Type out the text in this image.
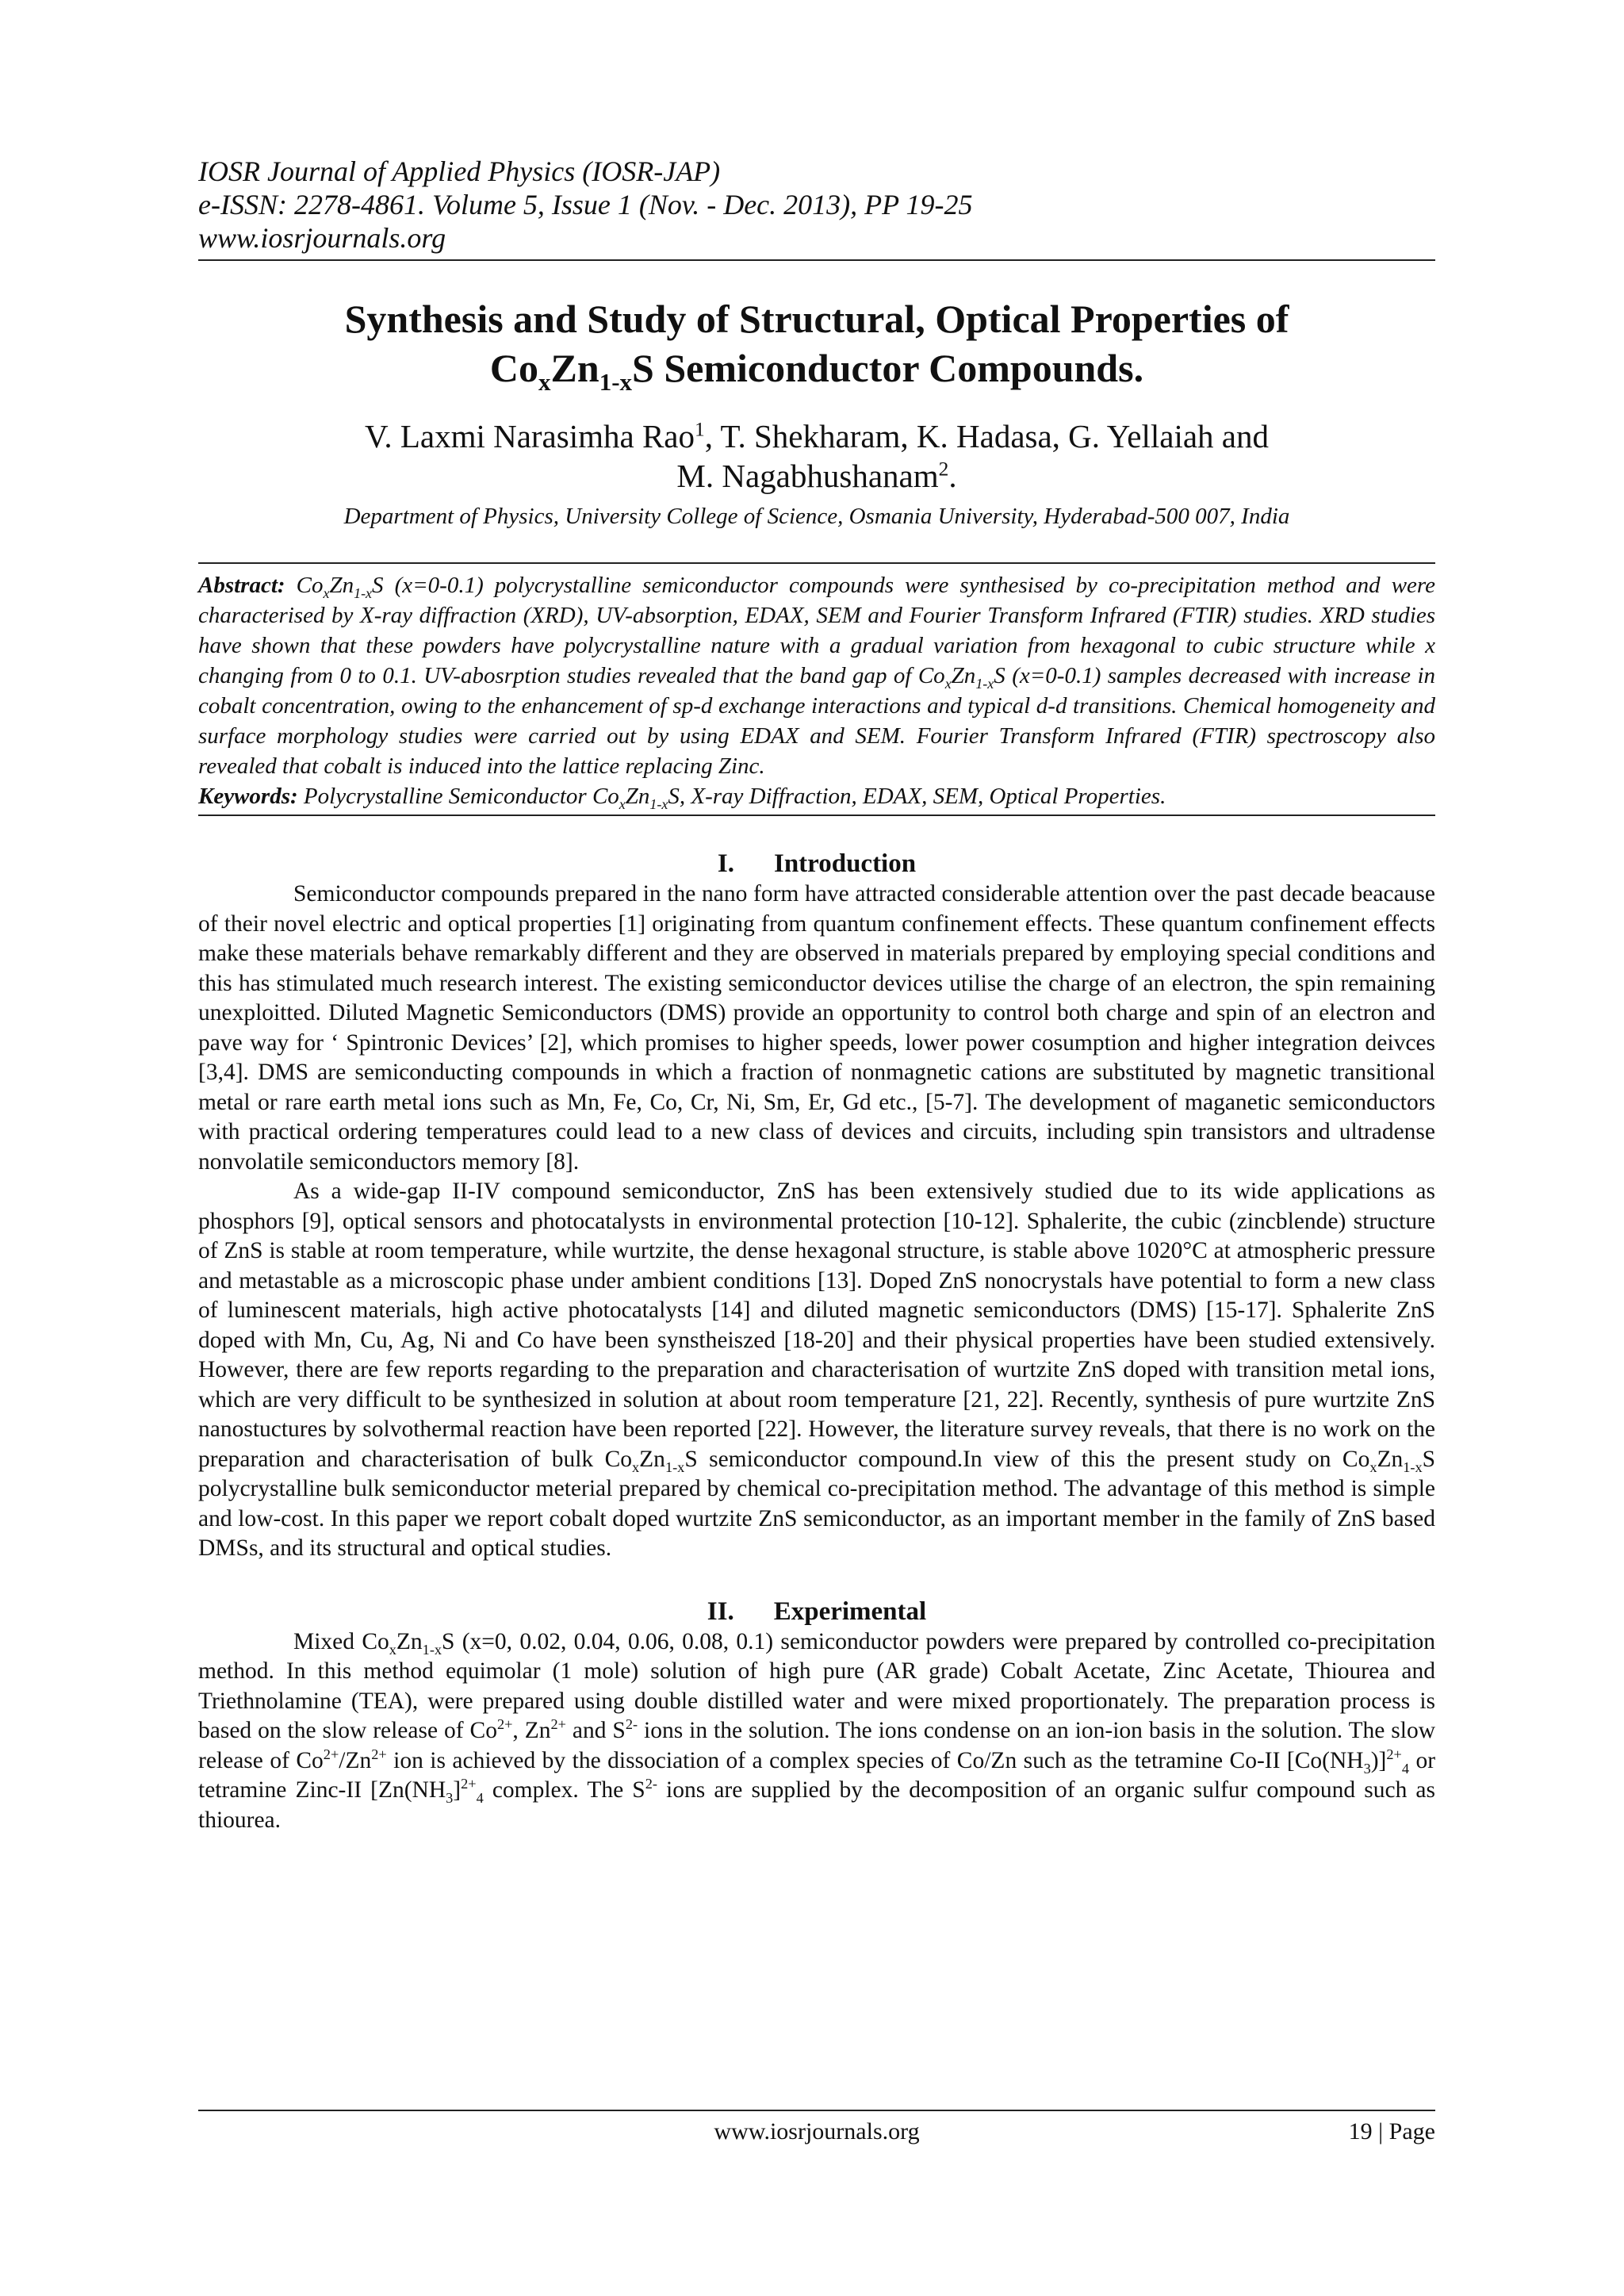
IOSR Journal of Applied Physics (IOSR-JAP)
e-ISSN: 2278-4861. Volume 5, Issue 1 (Nov. - Dec. 2013), PP 19-25
www.iosrjournals.org
Synthesis and Study of Structural, Optical Properties of
$Co_xZn_{1-x}S$ Semiconductor Compounds.
V. Laxmi Narasimha Rao$^1$, T. Shekharam, K. Hadasa, G. Yellaiah and
M. Nagabhushanam$^2$.
Department of Physics, University College of Science, Osmania University, Hyderabad-500 007, India
Abstract: $Co_xZn_{1-x}S$ (x=0-0.1) polycrystalline semiconductor compounds were synthesised by co-precipitation method and were characterised by X-ray diffraction (XRD), UV-absorption, EDAX, SEM and Fourier Transform Infrared (FTIR) studies. XRD studies have shown that these powders have polycrystalline nature with a gradual variation from hexagonal to cubic structure while x changing from 0 to 0.1. UV-abosrption studies revealed that the band gap of $Co_xZn_{1-x}S$ (x=0-0.1) samples decreased with increase in cobalt concentration, owing to the enhancement of sp-d exchange interactions and typical d-d transitions. Chemical homogeneity and surface morphology studies were carried out by using EDAX and SEM. Fourier Transform Infrared (FTIR) spectroscopy also revealed that cobalt is induced into the lattice replacing Zinc.
Keywords: Polycrystalline Semiconductor $Co_xZn_{1-x}S$, X-ray Diffraction, EDAX, SEM, Optical Properties.
I. Introduction

Semiconductor compounds prepared in the nano form have attracted considerable attention over the past decade beacause of their novel electric and optical properties [1] originating from quantum confinement effects. These quantum confinement effects make these materials behave remarkably different and they are observed in materials prepared by employing special conditions and this has stimulated much research interest. The existing semiconductor devices utilise the charge of an electron, the spin remaining unexploitted. Diluted Magnetic Semiconductors (DMS) provide an opportunity to control both charge and spin of an electron and pave way for ‘ Spintronic Devices’ [2], which promises to higher speeds, lower power cosumption and higher integration deivces [3,4]. DMS are semiconducting compounds in which a fraction of nonmagnetic cations are substituted by magnetic transitional metal or rare earth metal ions such as Mn, Fe, Co, Cr, Ni, Sm, Er, Gd etc., [5-7]. The development of maganetic semiconductors with practical ordering temperatures could lead to a new class of devices and circuits, including spin transistors and ultradense nonvolatile semiconductors memory [8].

As a wide-gap II-IV compound semiconductor, ZnS has been extensively studied due to its wide applications as phosphors [9], optical sensors and photocatalysts in environmental protection [10-12]. Sphalerite, the cubic (zincblende) structure of ZnS is stable at room temperature, while wurtzite, the dense hexagonal structure, is stable above 1020°C at atmospheric pressure and metastable as a microscopic phase under ambient conditions [13]. Doped ZnS nonocrystals have potential to form a new class of luminescent materials, high active photocatalysts [14] and diluted magnetic semiconductors (DMS) [15-17]. Sphalerite ZnS doped with Mn, Cu, Ag, Ni and Co have been synstheiszed [18-20] and their physical properties have been studied extensively. However, there are few reports regarding to the preparation and characterisation of wurtzite ZnS doped with transition metal ions, which are very difficult to be synthesized in solution at about room temperature [21, 22]. Recently, synthesis of pure wurtzite ZnS nanostuctures by solvothermal reaction have been reported [22]. However, the literature survey reveals, that there is no work on the preparation and characterisation of bulk $Co_xZn_{1-x}S$ semiconductor compound.In view of this the present study on $Co_xZn_{1-x}S$ polycrystalline bulk semiconductor meterial prepared by chemical co-precipitation method. The advantage of this method is simple and low-cost. In this paper we report cobalt doped wurtzite ZnS semiconductor, as an important member in the family of ZnS based DMSs, and its structural and optical studies.

II. Experimental

Mixed $Co_xZn_{1-x}S$ (x=0, 0.02, 0.04, 0.06, 0.08, 0.1) semiconductor powders were prepared by controlled co-precipitation method. In this method equimolar (1 mole) solution of high pure (AR grade) Cobalt Acetate, Zinc Acetate, Thiourea and Triethnolamine (TEA), were prepared using double distilled water and were mixed proportionately. The preparation process is based on the slow release of $Co^{2+}$, $Zn^{2+}$ and $S^{2-}$ ions in the solution. The ions condense on an ion-ion basis in the solution. The slow release of $Co^{2+}/Zn^{2+}$ ion is achieved by the dissociation of a complex species of Co/Zn such as the tetramine Co-II $[Co(NH_3)]^{2+}_4$ or tetramine Zinc-II [$Zn(NH_3]^{2+}_4$ complex. The $S^{2-}$ ions are supplied by the decomposition of an organic sulfur compound such as thiourea.

www.iosrjournals.org	19 | Page
